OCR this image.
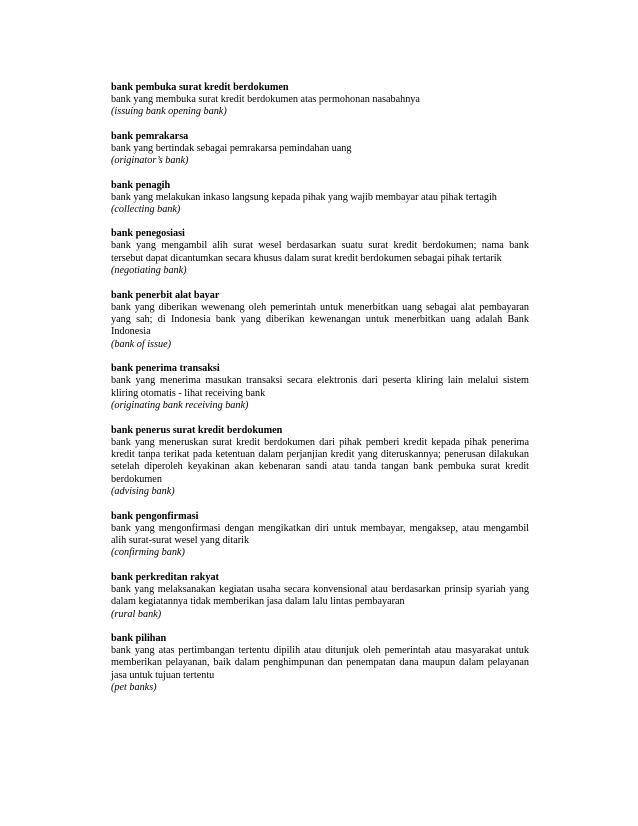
bank pembuka surat kredit berdokumen

bank yang membuka surat kredit berdokumen atas permohonan nasabahnya

(issuing bank opening bank)

bank pemrakarsa

bank yang bertindak sebagai pemrakarsa pemindahan uang

(originator’s bank)

bank penagih

bank yang melakukan inkaso langsung kepada pihak yang wajib membayar atau pihak tertagih

(collecting bank)

bank penegosiasi

bank yang mengambil alih surat wesel berdasarkan suatu surat kredit berdokumen; nama bank tersebut dapat dicantumkan secara khusus dalam surat kredit berdokumen sebagai pihak tertarik

(negotiating bank)

bank penerbit alat bayar

bank yang diberikan wewenang oleh pemerintah untuk menerbitkan uang sebagai alat pembayaran yang sah; di Indonesia bank yang diberikan kewenangan untuk menerbitkan uang adalah Bank Indonesia

(bank of issue)

bank penerima transaksi

bank yang menerima masukan transaksi secara elektronis dari peserta kliring lain melalui sistem kliring otomatis - lihat receiving bank

(originating bank receiving bank)

bank penerus surat kredit berdokumen

bank yang meneruskan surat kredit berdokumen dari pihak pemberi kredit kepada pihak penerima kredit tanpa terikat pada ketentuan dalam perjanjian kredit yang diteruskannya; penerusan dilakukan setelah diperoleh keyakinan akan kebenaran sandi atau tanda tangan bank pembuka surat kredit berdokumen

(advising bank)

bank pengonfirmasi

bank yang mengonfirmasi dengan mengikatkan diri untuk membayar, mengaksep, atau mengambil alih surat-surat wesel yang ditarik

(confirming bank)

bank perkreditan rakyat

bank yang melaksanakan kegiatan usaha secara konvensional atau berdasarkan prinsip syariah yang dalam kegiatannya tidak memberikan jasa dalam lalu lintas pembayaran

(rural bank)

bank pilihan

bank yang atas pertimbangan tertentu dipilih atau ditunjuk oleh pemerintah atau masyarakat untuk memberikan pelayanan, baik dalam penghimpunan dan penempatan dana maupun dalam pelayanan jasa untuk tujuan tertentu

(pet banks)
